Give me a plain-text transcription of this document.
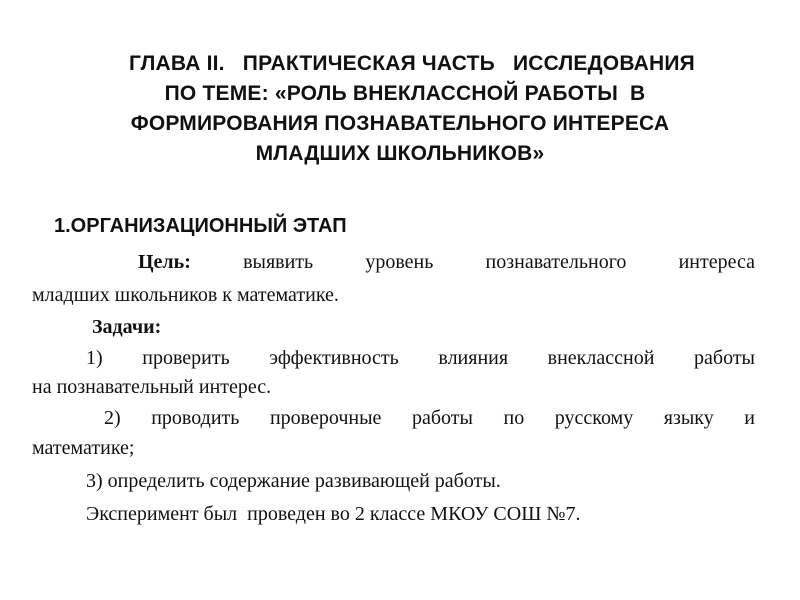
ГЛАВА II.   ПРАКТИЧЕСКАЯ ЧАСТЬ   ИССЛЕДОВАНИЯ
ПО ТЕМЕ: «РОЛЬ ВНЕКЛАССНОЙ РАБОТЫ  В
ФОРМИРОВАНИЯ ПОЗНАВАТЕЛЬНОГО ИНТЕРЕСА
МЛАДШИХ ШКОЛЬНИКОВ»
1.ОРГАНИЗАЦИОННЫЙ ЭТАП
Цель:	выявить уровень познавательного интереса
младших школьников к математике.
Задачи:
1) проверить эффективность влияния внеклассной работы
на познавательный интерес.
2) проводить проверочные работы по русскому языку и
математике;
3) определить содержание развивающей работы.
Эксперимент был  проведен во 2 классе МКОУ СОШ №7.
